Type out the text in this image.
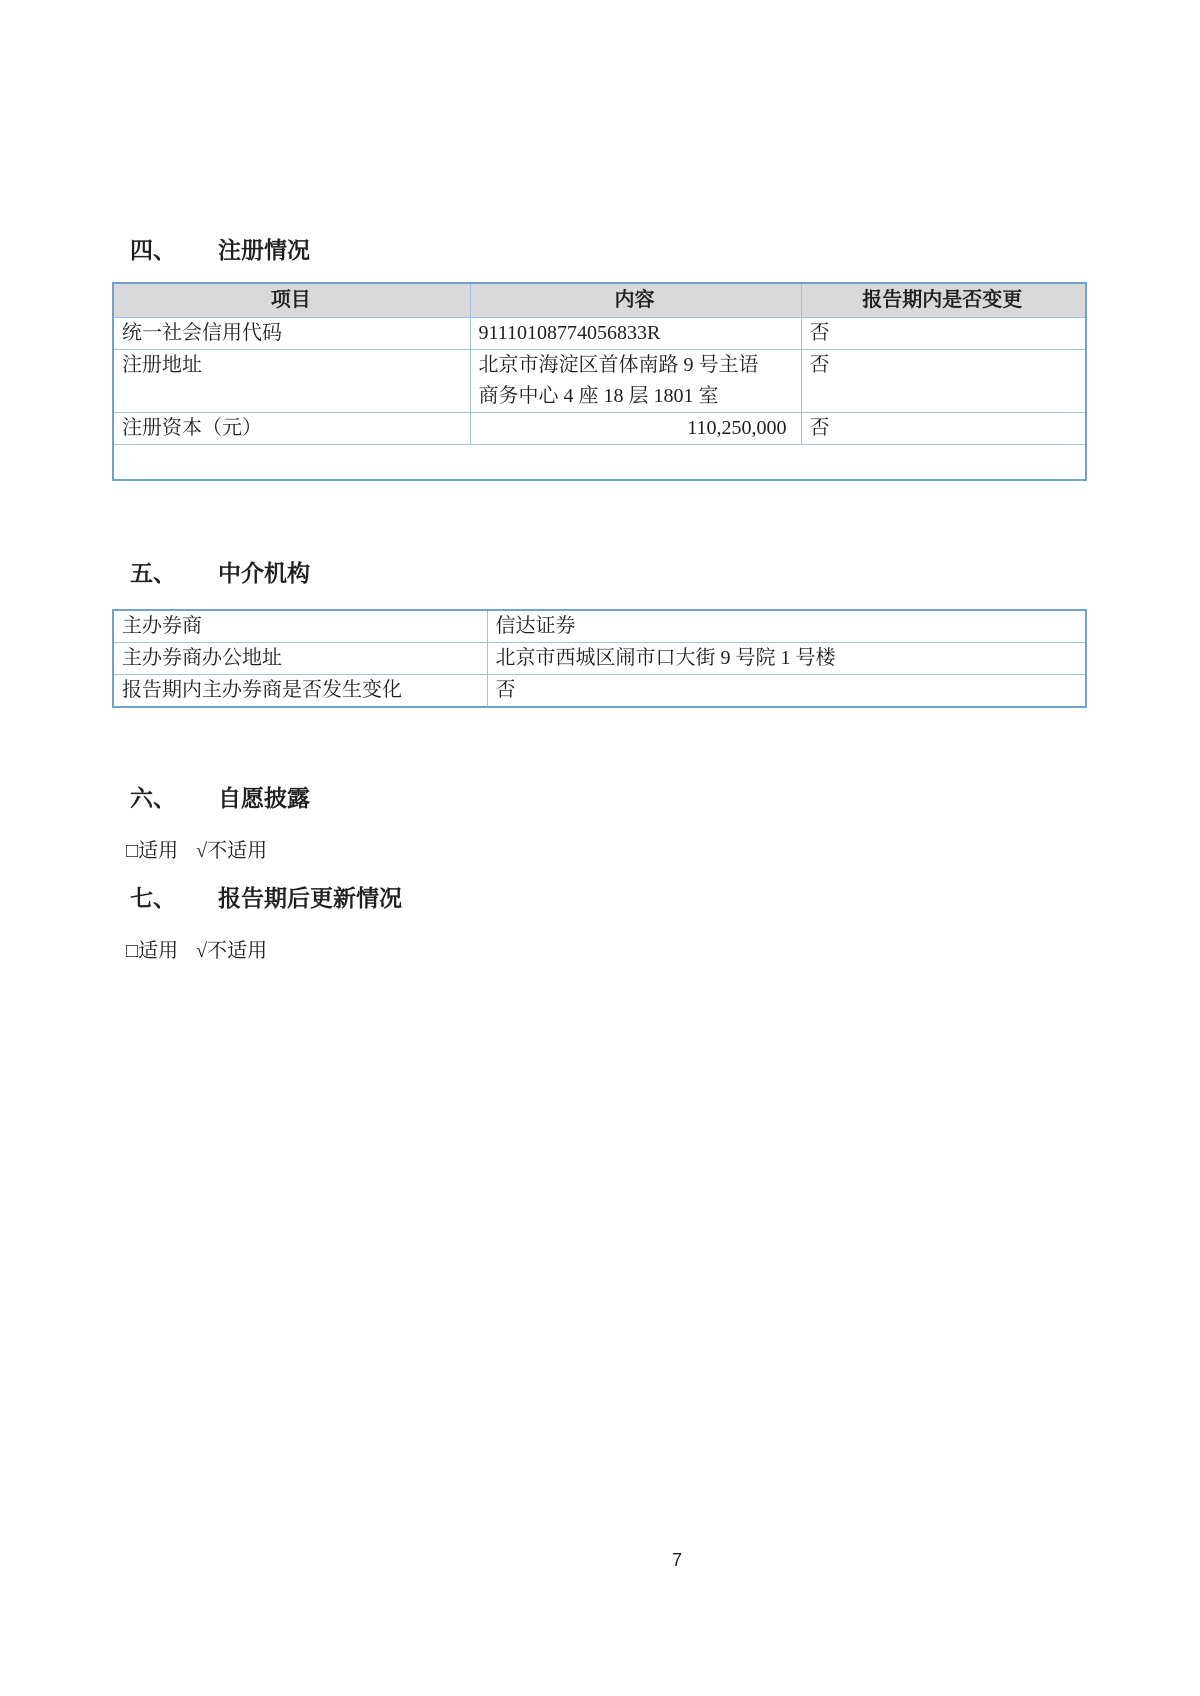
四、	注册情况
项目	内容	报告期内是否变更
统一社会信用代码	91110108774056833R	否
注册地址	北京市海淀区首体南路 9 号主语商务中心 4 座 18 层 1801 室	否
注册资本（元）	110,250,000	否

五、	中介机构
主办券商	信达证券
主办券商办公地址	北京市西城区闹市口大街 9 号院 1 号楼
报告期内主办券商是否发生变化	否
六、	自愿披露
□ 适用 √ 不适用
七、	报告期后更新情况
□ 适用 √ 不适用
7
